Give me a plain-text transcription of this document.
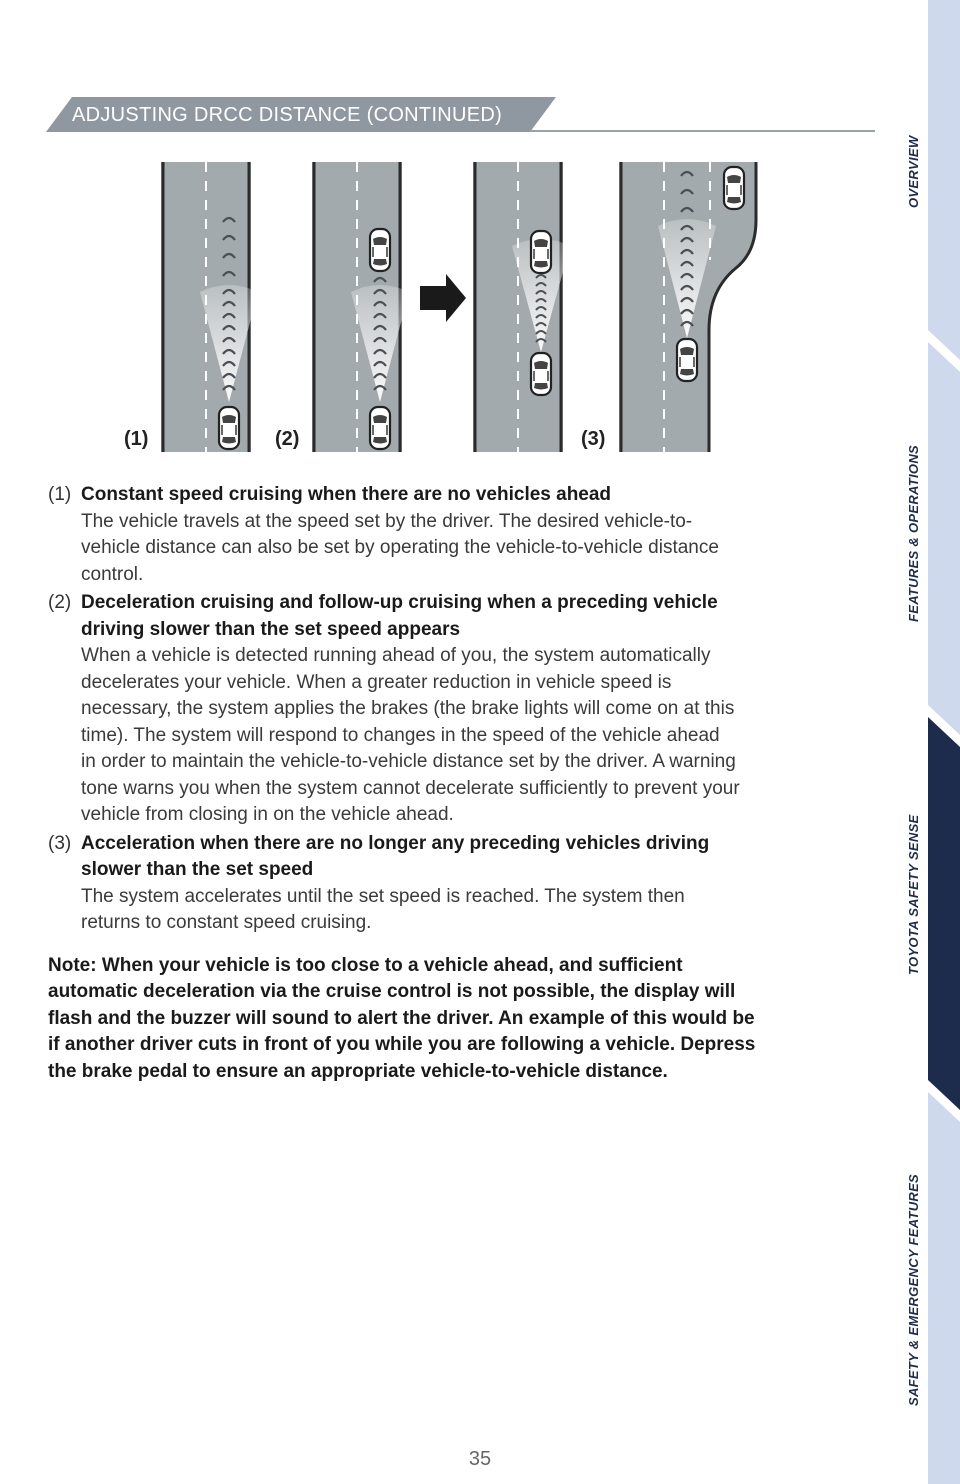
ADJUSTING DRCC DISTANCE (CONTINUED)
(1)	(2)	(3)
(1) Constant speed cruising when there are no vehicles ahead
The vehicle travels at the speed set by the driver. The desired vehicle-to-
vehicle distance can also be set by operating the vehicle-to-vehicle distance
control.
(2) Deceleration cruising and follow-up cruising when a preceding vehicle
driving slower than the set speed appears
When a vehicle is detected running ahead of you, the system automatically
decelerates your vehicle. When a greater reduction in vehicle speed is
necessary, the system applies the brakes (the brake lights will come on at this
time). The system will respond to changes in the speed of the vehicle ahead
in order to maintain the vehicle-to-vehicle distance set by the driver. A warning
tone warns you when the system cannot decelerate sufficiently to prevent your
vehicle from closing in on the vehicle ahead.
(3) Acceleration when there are no longer any preceding vehicles driving
slower than the set speed
The system accelerates until the set speed is reached. The system then
returns to constant speed cruising.
Note: When your vehicle is too close to a vehicle ahead, and sufficient
automatic deceleration via the cruise control is not possible, the display will
flash and the buzzer will sound to alert the driver. An example of this would be
if another driver cuts in front of you while you are following a vehicle. Depress
the brake pedal to ensure an appropriate vehicle-to-vehicle distance.
35
OVERVIEW
FEATURES & OPERATIONS
TOYOTA SAFETY SENSE
SAFETY & EMERGENCY FEATURES
